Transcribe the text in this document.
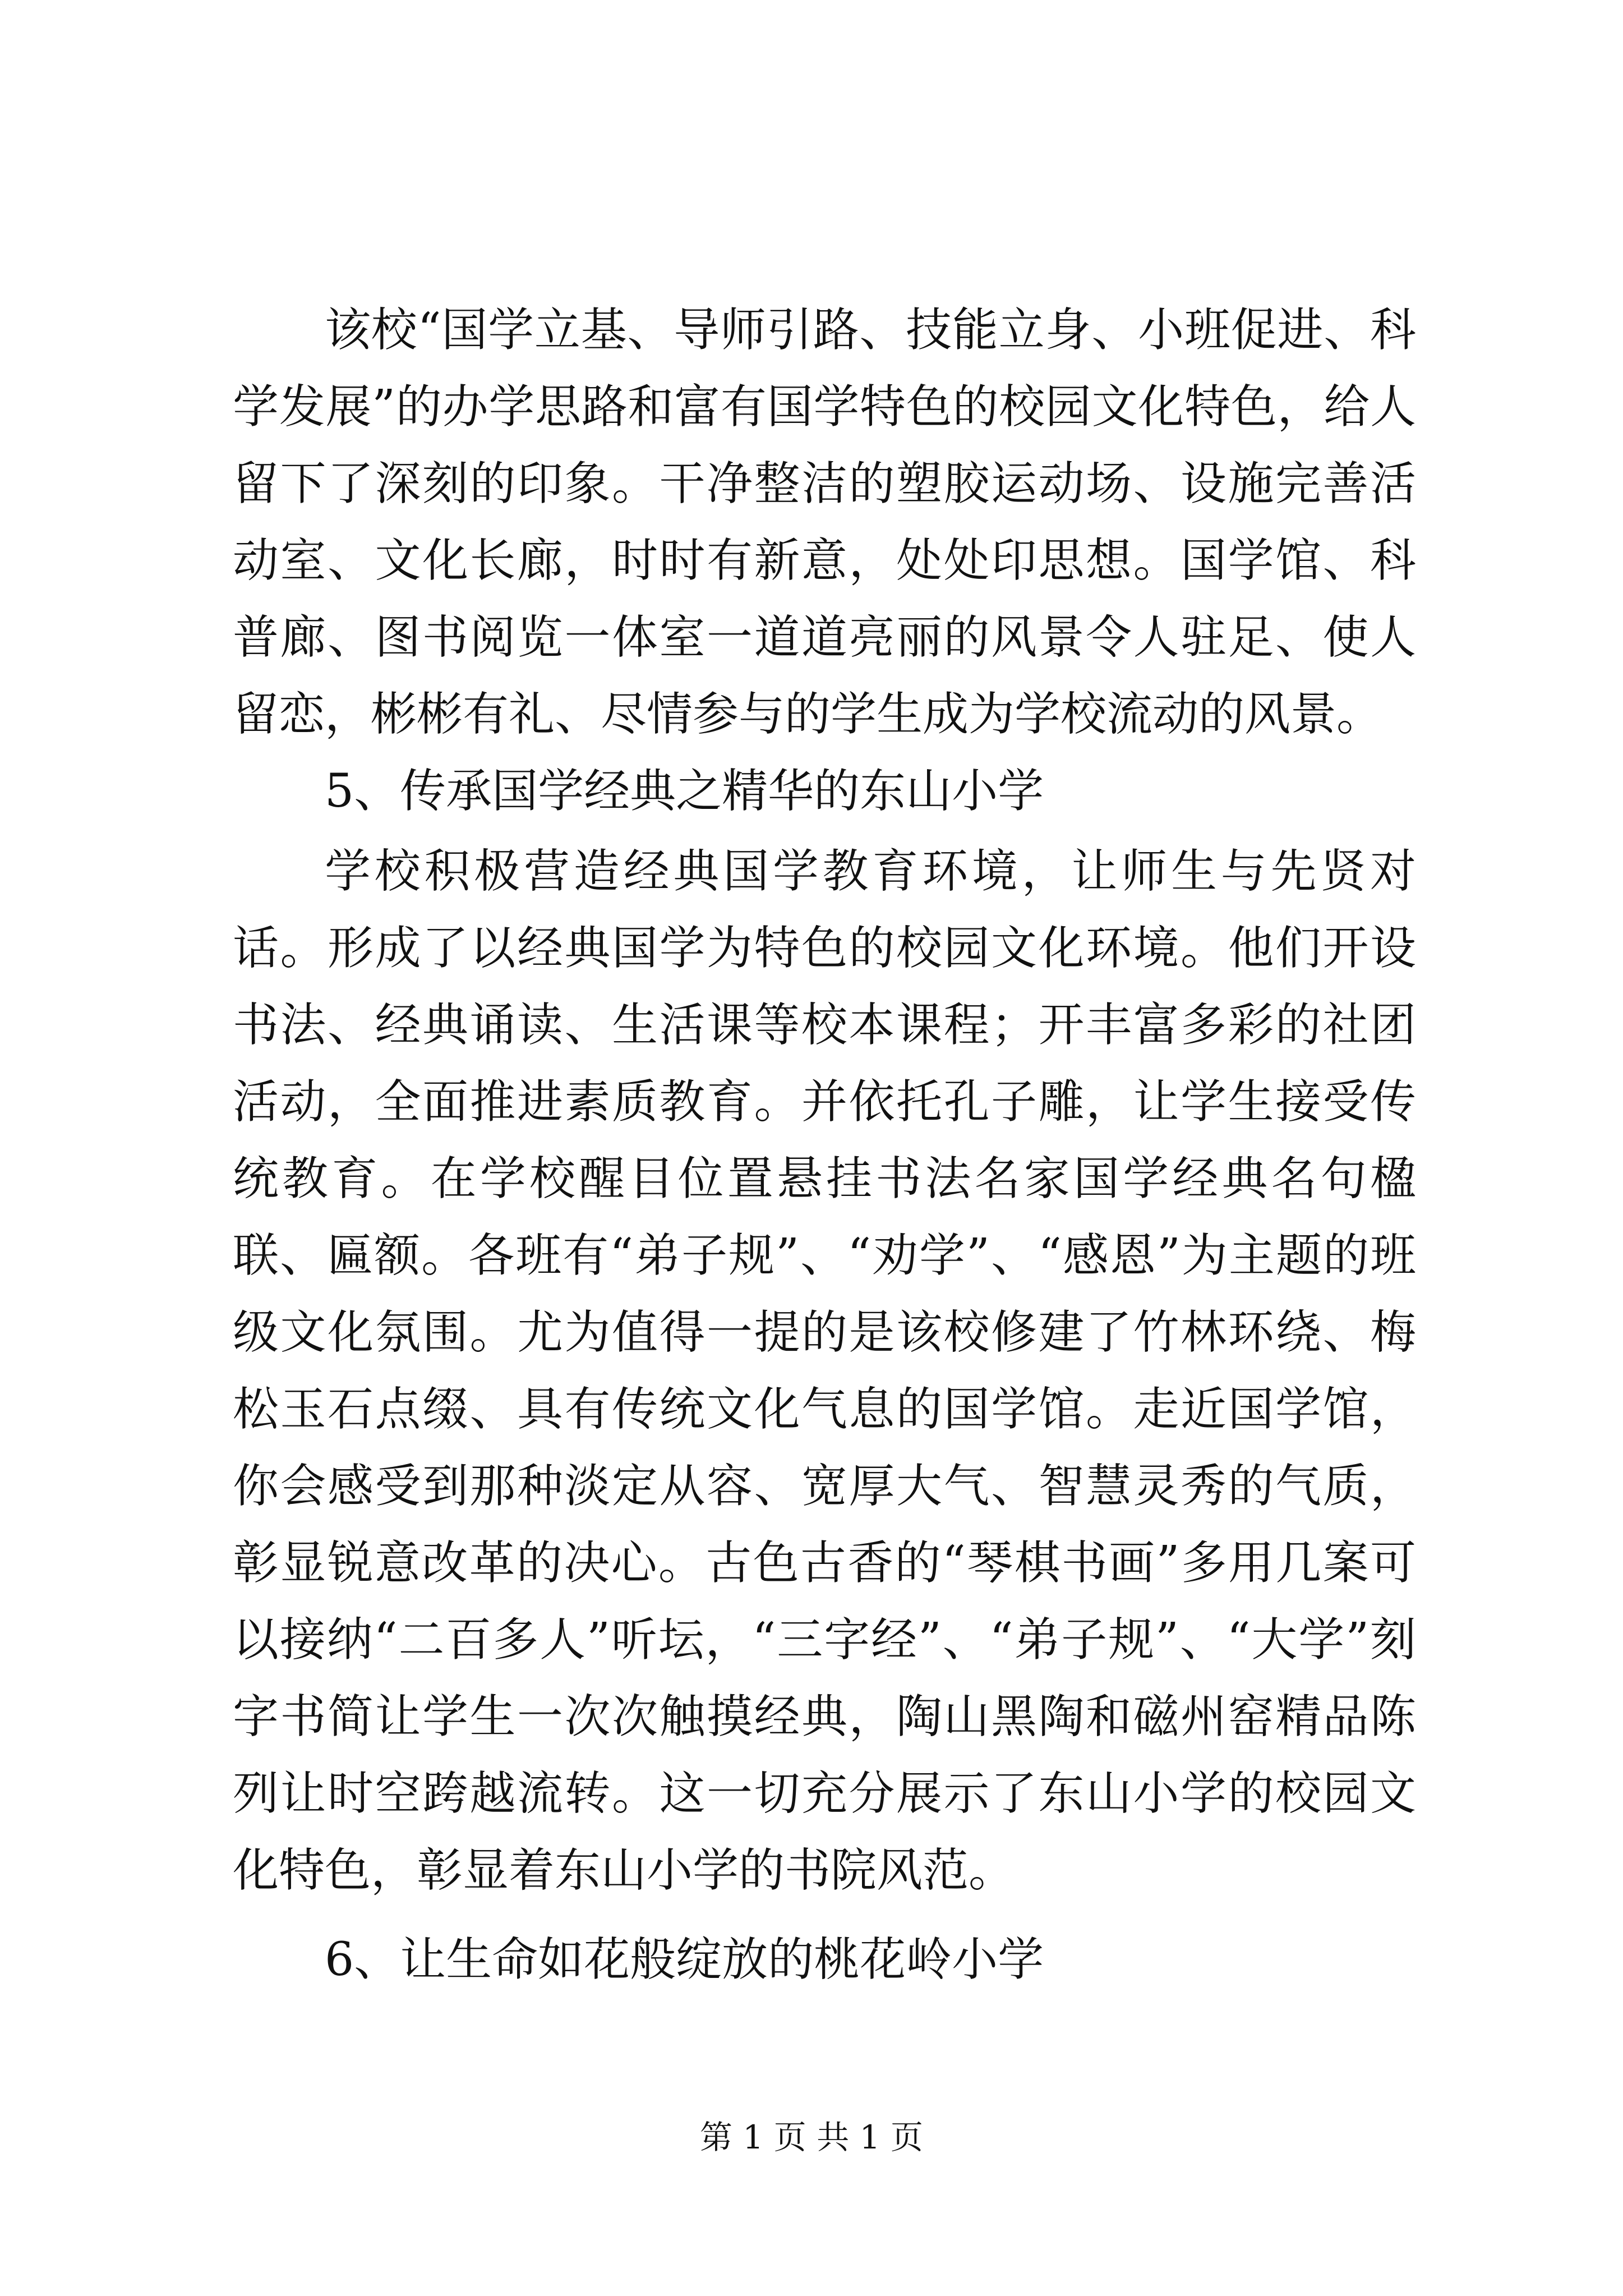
该校“国学立基、导师引路、技能立身、小班促进、科学发展”的办学思路和富有国学特色的校园文化特色，给人留下了深刻的印象。干净整洁的塑胶运动场、设施完善活动室、文化长廊，时时有新意，处处印思想。国学馆、科普廊、图书阅览一体室一道道亮丽的风景令人驻足、使人留恋，彬彬有礼、尽情参与的学生成为学校流动的风景。

5、传承国学经典之精华的东山小学

学校积极营造经典国学教育环境，让师生与先贤对话。形成了以经典国学为特色的校园文化环境。他们开设书法、经典诵读、生活课等校本课程；开丰富多彩的社团活动，全面推进素质教育。并依托孔子雕，让学生接受传统教育。在学校醒目位置悬挂书法名家国学经典名句楹联、匾额。各班有“弟子规”、“劝学”、“感恩”为主题的班级文化氛围。尤为值得一提的是该校修建了竹林环绕、梅松玉石点缀、具有传统文化气息的国学馆。走近国学馆，你会感受到那种淡定从容、宽厚大气、智慧灵秀的气质，彰显锐意改革的决心。古色古香的“琴棋书画”多用几案可以接纳“二百多人”听坛，“三字经”、“弟子规”、“大学”刻字书简让学生一次次触摸经典，陶山黑陶和磁州窑精品陈列让时空跨越流转。这一切充分展示了东山小学的校园文化特色，彰显着东山小学的书院风范。

6、让生命如花般绽放的桃花岭小学

第 1 页 共 1 页
